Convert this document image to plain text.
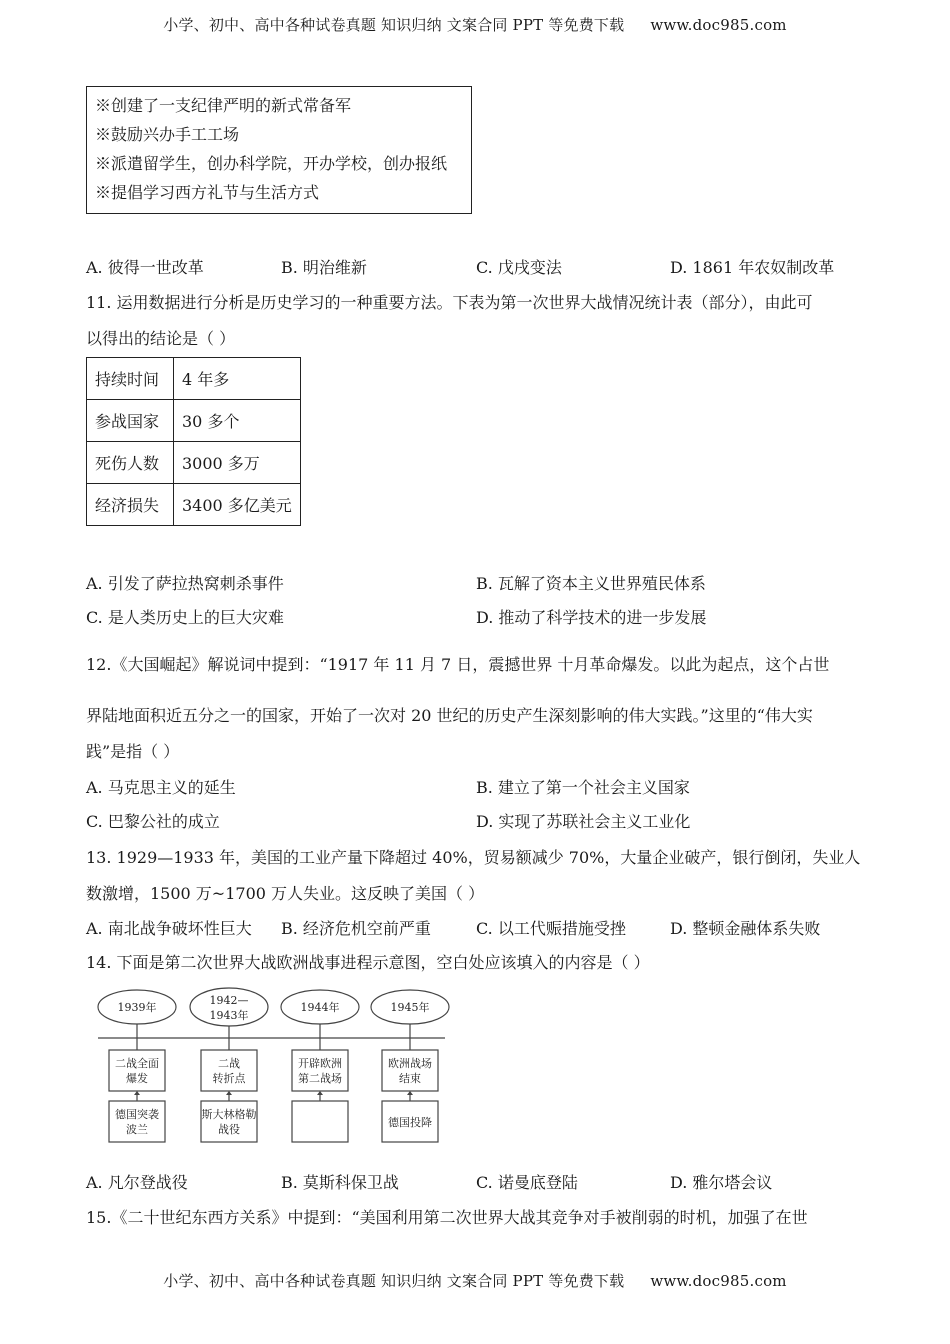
小学、初中、高中各种试卷真题 知识归纳 文案合同 PPT 等免费下载 www.doc985.com
※创建了一支纪律严明的新式常备军
※鼓励兴办手工工场
※派遣留学生，创办科学院，开办学校，创办报纸
※提倡学习西方礼节与生活方式
A. 彼得一世改革	B. 明治维新	C. 戊戌变法	D. 1861 年农奴制改革
11. 运用数据进行分析是历史学习的一种重要方法。下表为第一次世界大战情况统计表（部分），由此可
以得出的结论是（ ）
持续时间	4 年多
参战国家	30 多个
死伤人数	3000 多万
经济损失	3400 多亿美元
A. 引发了萨拉热窝刺杀事件	B. 瓦解了资本主义世界殖民体系
C. 是人类历史上的巨大灾难	D. 推动了科学技术的进一步发展
12.《大国崛起》解说词中提到：“1917 年 11 月 7 日，震撼世界 十月革命爆发。以此为起点，这个占世
界陆地面积近五分之一的国家，开始了一次对 20 世纪的历史产生深刻影响的伟大实践。”这里的“伟大实
践”是指（ ）
A. 马克思主义的延生	B. 建立了第一个社会主义国家
C. 巴黎公社的成立	D. 实现了苏联社会主义工业化
13. 1929—1933 年，美国的工业产量下降超过 40%，贸易额减少 70%，大量企业破产，银行倒闭，失业人
数激增，1500 万~1700 万人失业。这反映了美国（ ）
A. 南北战争破坏性巨大 B. 经济危机空前严重	C. 以工代赈措施受挫	D. 整顿金融体系失败
14. 下面是第二次世界大战欧洲战事进程示意图，空白处应该填入的内容是（ ）
1939年
1942—
1943年
1944年	1945年
二战全面
爆发
二战
转折点
开辟欧洲
第二战场
欧洲战场
结束
德国突袭
波兰
斯大林格勒
战役
德国投降
A. 凡尔登战役	B. 莫斯科保卫战	C. 诺曼底登陆	D. 雅尔塔会议
15.《二十世纪东西方关系》中提到：“美国利用第二次世界大战其竞争对手被削弱的时机，加强了在世
小学、初中、高中各种试卷真题 知识归纳 文案合同 PPT 等免费下载 www.doc985.com
